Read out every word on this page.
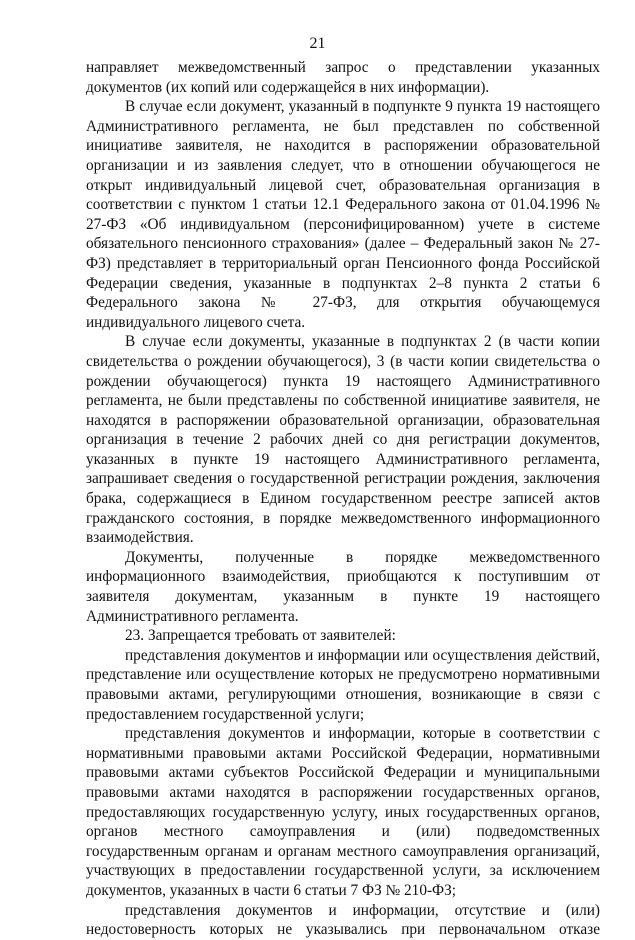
21

направляет межведомственный запрос о представлении указанных документов (их копий или содержащейся в них информации).

В случае если документ, указанный в подпункте 9 пункта 19 настоящего Административного регламента, не был представлен по собственной инициативе заявителя, не находится в распоряжении образовательной организации и из заявления следует, что в отношении обучающегося не открыт индивидуальный лицевой счет, образовательная организация в соответствии с пунктом 1 статьи 12.1 Федерального закона от 01.04.1996 № 27-ФЗ «Об индивидуальном (персонифицированном) учете в системе обязательного пенсионного страхования» (далее – Федеральный закон № 27-ФЗ) представляет в территориальный орган Пенсионного фонда Российской Федерации сведения, указанные в подпунктах 2–8 пункта 2 статьи 6 Федерального закона № 27-ФЗ, для открытия обучающемуся индивидуального лицевого счета.

В случае если документы, указанные в подпунктах 2 (в части копии свидетельства о рождении обучающегося), 3 (в части копии свидетельства о рождении обучающегося) пункта 19 настоящего Административного регламента, не были представлены по собственной инициативе заявителя, не находятся в распоряжении образовательной организации, образовательная организация в течение 2 рабочих дней со дня регистрации документов, указанных в пункте 19 настоящего Административного регламента, запрашивает сведения о государственной регистрации рождения, заключения брака, содержащиеся в Едином государственном реестре записей актов гражданского состояния, в порядке межведомственного информационного взаимодействия.

Документы, полученные в порядке межведомственного информационного взаимодействия, приобщаются к поступившим от заявителя документам, указанным в пункте 19 настоящего Административного регламента.

23. Запрещается требовать от заявителей:

представления документов и информации или осуществления действий, представление или осуществление которых не предусмотрено нормативными правовыми актами, регулирующими отношения, возникающие в связи с предоставлением государственной услуги;

представления документов и информации, которые в соответствии с нормативными правовыми актами Российской Федерации, нормативными правовыми актами субъектов Российской Федерации и муниципальными правовыми актами находятся в распоряжении государственных органов, предоставляющих государственную услугу, иных государственных органов, органов местного самоуправления и (или) подведомственных государственным органам и органам местного самоуправления организаций, участвующих в предоставлении государственной услуги, за исключением документов, указанных в части 6 статьи 7 ФЗ № 210-ФЗ;

представления документов и информации, отсутствие и (или) недостоверность которых не указывались при первоначальном отказе
